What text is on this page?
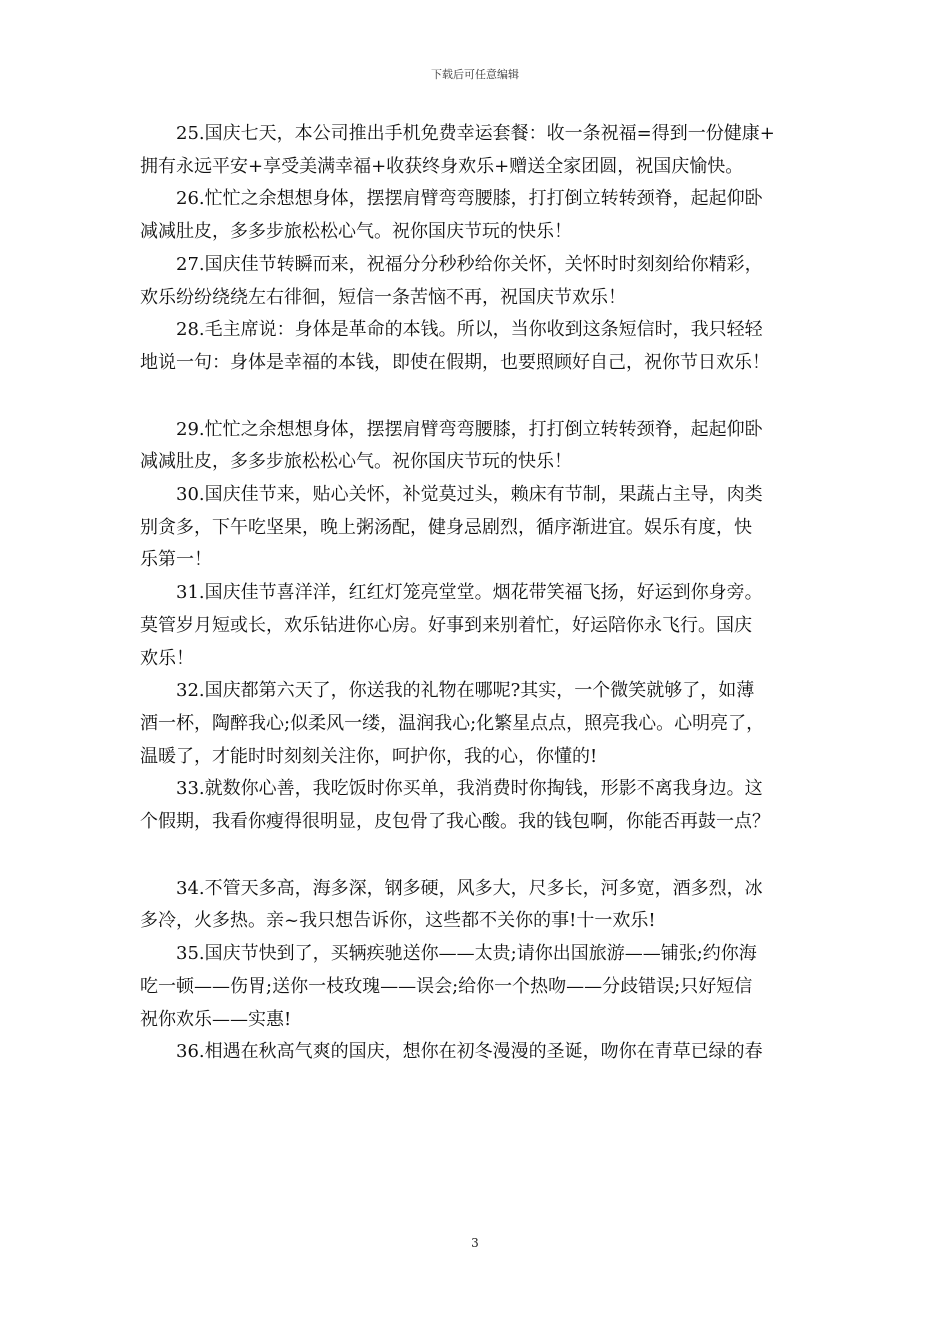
下载后可任意编辑
25.国庆七天，本公司推出手机免费幸运套餐：收一条祝福=得到一份健康+
拥有永远平安+享受美满幸福+收获终身欢乐+赠送全家团圆，祝国庆愉快。
26.忙忙之余想想身体，摆摆肩臂弯弯腰膝，打打倒立转转颈脊，起起仰卧
减减肚皮，多多步旅松松心气。祝你国庆节玩的快乐！
27.国庆佳节转瞬而来，祝福分分秒秒给你关怀，关怀时时刻刻给你精彩，
欢乐纷纷绕绕左右徘徊，短信一条苦恼不再，祝国庆节欢乐！
28.毛主席说：身体是革命的本钱。所以，当你收到这条短信时，我只轻轻
地说一句：身体是幸福的本钱，即使在假期，也要照顾好自己，祝你节日欢乐！
29.忙忙之余想想身体，摆摆肩臂弯弯腰膝，打打倒立转转颈脊，起起仰卧
减减肚皮，多多步旅松松心气。祝你国庆节玩的快乐！
30.国庆佳节来，贴心关怀，补觉莫过头，赖床有节制，果蔬占主导，肉类
别贪多，下午吃坚果，晚上粥汤配，健身忌剧烈，循序渐进宜。娱乐有度，快
乐第一！
31.国庆佳节喜洋洋，红红灯笼亮堂堂。烟花带笑福飞扬，好运到你身旁。
莫管岁月短或长，欢乐钻进你心房。好事到来别着忙，好运陪你永飞行。国庆
欢乐！
32.国庆都第六天了，你送我的礼物在哪呢?其实，一个微笑就够了，如薄
酒一杯，陶醉我心;似柔风一缕，温润我心;化繁星点点，照亮我心。心明亮了，
温暖了，才能时时刻刻关注你，呵护你，我的心，你懂的!
33.就数你心善，我吃饭时你买单，我消费时你掏钱，形影不离我身边。这
个假期，我看你瘦得很明显，皮包骨了我心酸。我的钱包啊，你能否再鼓一点？
34.不管天多高，海多深，钢多硬，风多大，尺多长，河多宽，酒多烈，冰
多冷，火多热。亲~我只想告诉你，这些都不关你的事!十一欢乐!
35.国庆节快到了，买辆疾驰送你——太贵;请你出国旅游——铺张;约你海
吃一顿——伤胃;送你一枝玫瑰——误会;给你一个热吻——分歧错误;只好短信
祝你欢乐——实惠!
36.相遇在秋高气爽的国庆，想你在初冬漫漫的圣诞，吻你在青草已绿的春
3
